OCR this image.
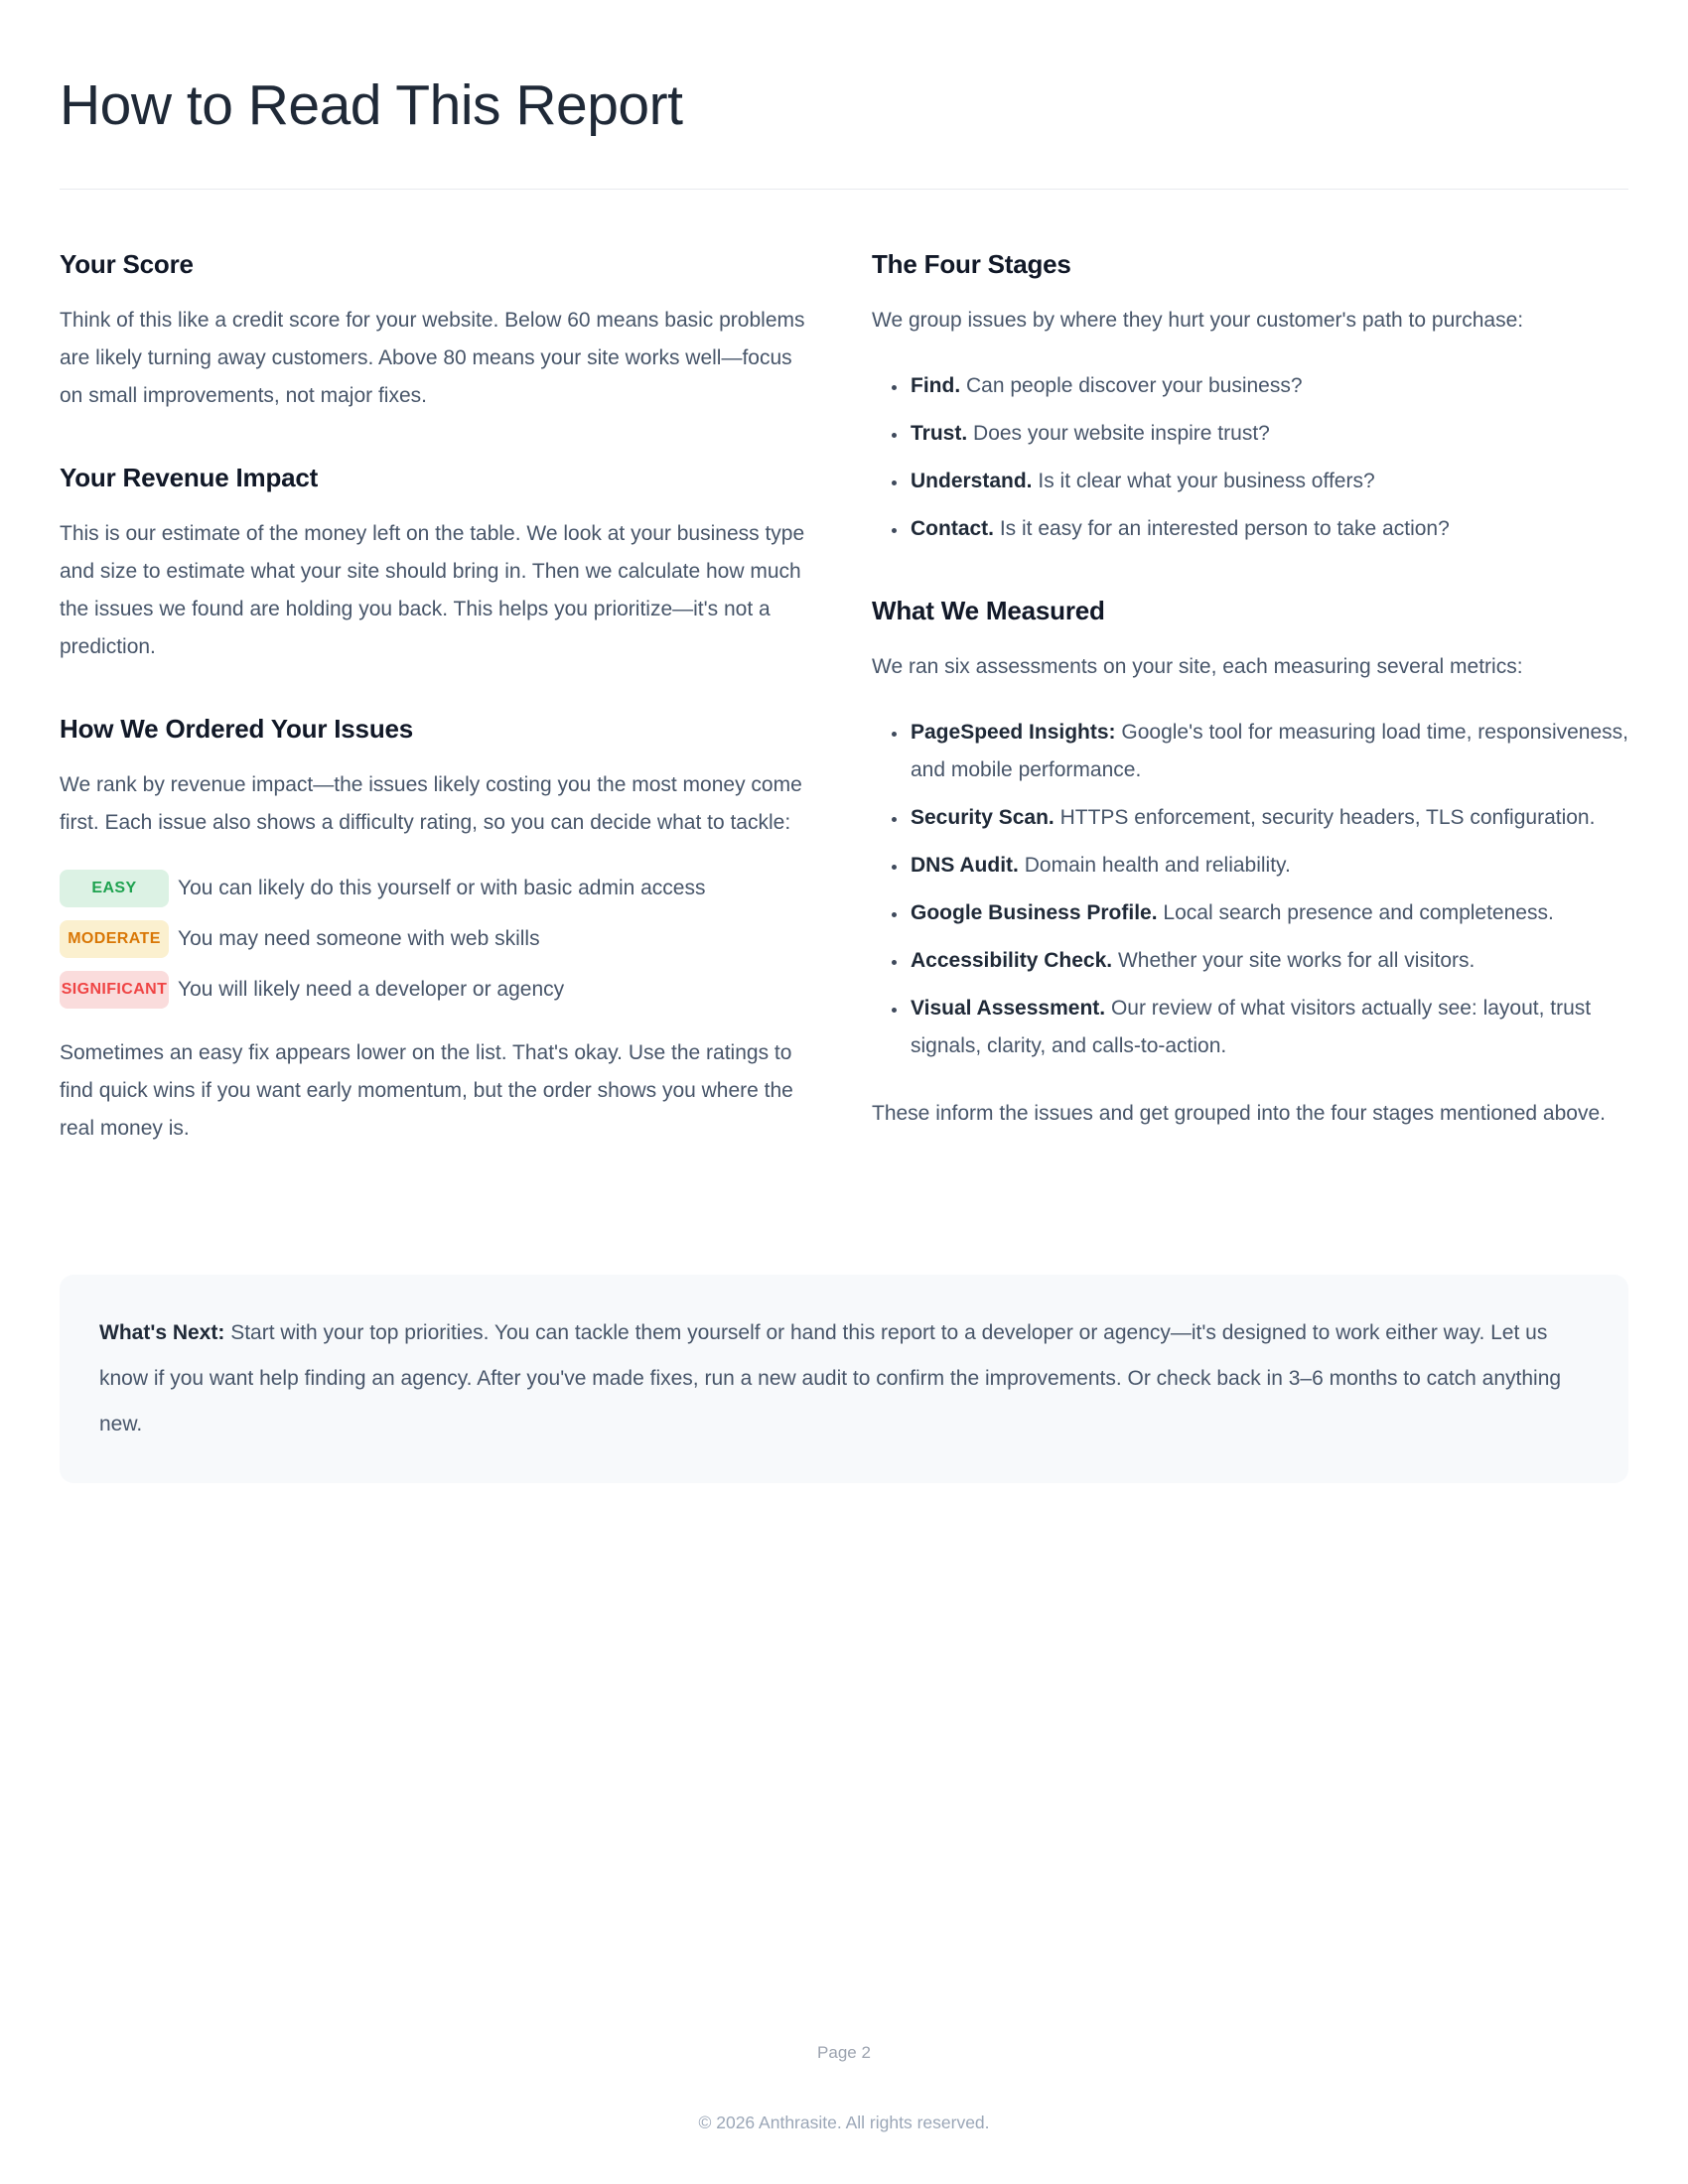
How to Read This Report
Your Score

Think of this like a credit score for your website. Below 60 means basic problems are likely turning away customers. Above 80 means your site works well—focus on small improvements, not major fixes.

Your Revenue Impact

This is our estimate of the money left on the table. We look at your business type and size to estimate what your site should bring in. Then we calculate how much the issues we found are holding you back. This helps you prioritize—it's not a prediction.

How We Ordered Your Issues

We rank by revenue impact—the issues likely costing you the most money come first. Each issue also shows a difficulty rating, so you can decide what to tackle:

EASY	You can likely do this yourself or with basic admin access
MODERATE You may need someone with web skills
SIGNIFICANT You will likely need a developer or agency

Sometimes an easy fix appears lower on the list. That's okay. Use the ratings to find quick wins if you want early momentum, but the order shows you where the real money is.

The Four Stages

We group issues by where they hurt your customer's path to purchase:

• Find. Can people discover your business?
• Trust. Does your website inspire trust?
• Understand. Is it clear what your business offers?
• Contact. Is it easy for an interested person to take action?
What We Measured

We ran six assessments on your site, each measuring several metrics:

• PageSpeed Insights: Google's tool for measuring load time, responsiveness, and mobile performance.
• Security Scan. HTTPS enforcement, security headers, TLS configuration.
• DNS Audit. Domain health and reliability.
• Google Business Profile. Local search presence and completeness.
• Accessibility Check. Whether your site works for all visitors.
• Visual Assessment. Our review of what visitors actually see: layout, trust signals, clarity, and calls-to-action.

These inform the issues and get grouped into the four stages mentioned above.

What's Next: Start with your top priorities. You can tackle them yourself or hand this report to a developer or agency—it's designed to work either way. Let us know if you want help finding an agency. After you've made fixes, run a new audit to confirm the improvements. Or check back in 3–6 months to catch anything new.

Page 2
© 2026 Anthrasite. All rights reserved.
